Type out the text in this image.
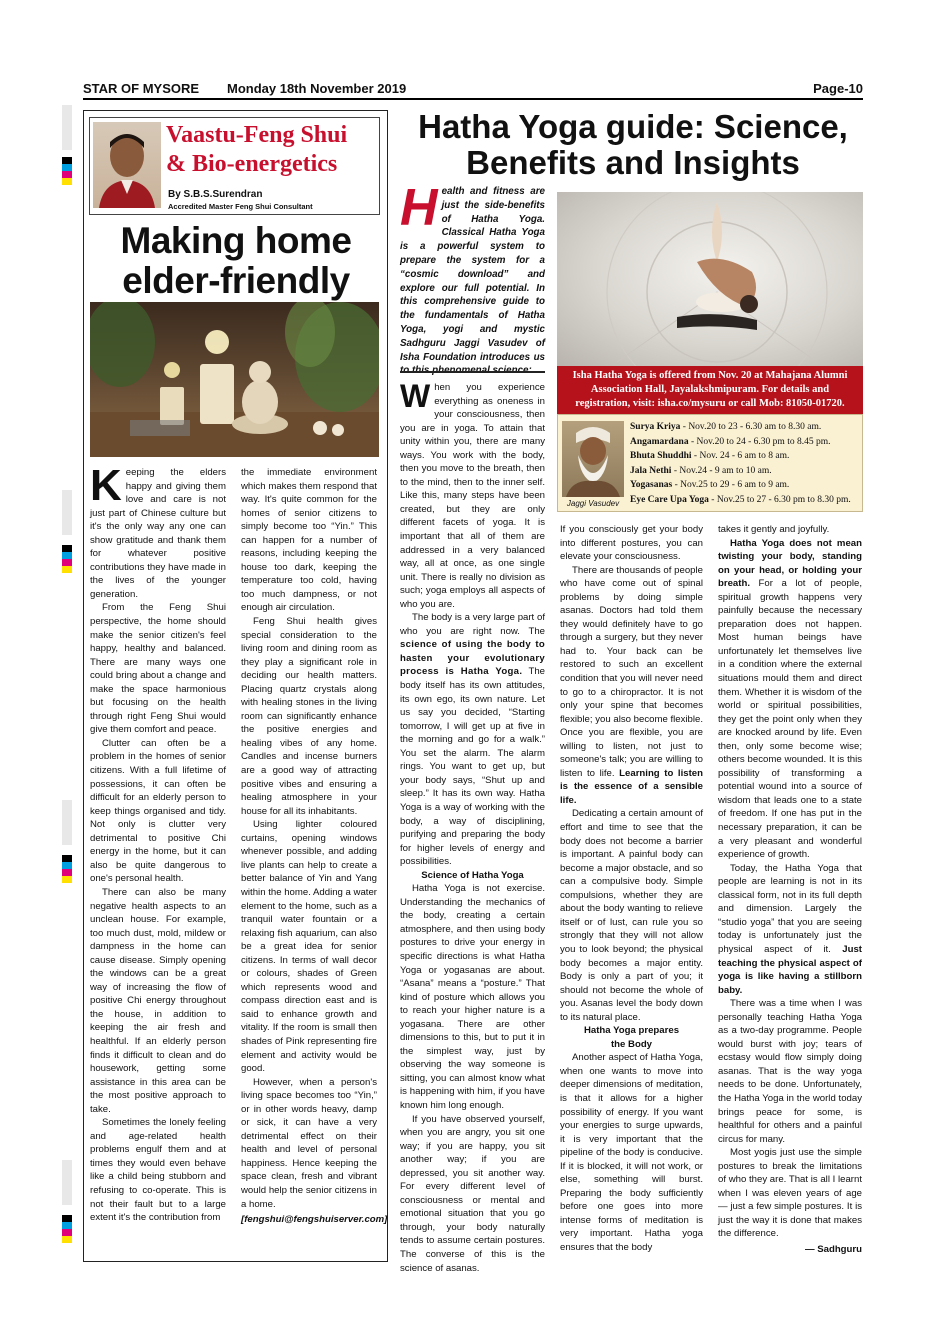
STAR OF MYSORE Monday 18th November 2019	Page-10
Vaastu-Feng Shui
& Bio-energetics
By S.B.S.Surendran
Accredited Master Feng Shui Consultant
Making home
elder-friendly

Keeping the elders happy and giving them love and care is not just part of Chinese culture but it's the only way any one can show gratitude and thank them for whatever positive contributions they have made in the lives of the younger generation.

From the Feng Shui perspective, the home should make the senior citizen's feel happy, healthy and balanced. There are many ways one could bring about a change and make the space harmonious but focusing on the health through right Feng Shui would give them comfort and peace.

Clutter can often be a problem in the homes of senior citizens. With a full lifetime of possessions, it can often be difficult for an elderly person to keep things organised and tidy. Not only is clutter very detrimental to positive Chi energy in the home, but it can also be quite dangerous to one's personal health.

There can also be many negative health aspects to an unclean house. For example, too much dust, mold, mildew or dampness in the home can cause disease. Simply opening the windows can be a great way of increasing the flow of positive Chi energy throughout the house, in addition to keeping the air fresh and healthful. If an elderly person finds it difficult to clean and do housework, getting some assistance in this area can be the most positive approach to take.

Sometimes the lonely feeling and age-related health problems engulf them and at times they would even behave like a child being stubborn and refusing to co-operate. This is not their fault but to a large extent it's the contribution from

the immediate environment which makes them respond that way. It's quite common for the homes of senior citizens to simply become too “Yin.” This can happen for a number of reasons, including keeping the house too dark, keeping the temperature too cold, having too much dampness, or not enough air circulation.

Feng Shui health gives special consideration to the living room and dining room as they play a significant role in deciding our health matters. Placing quartz crystals along with healing stones in the living room can significantly enhance the positive energies and healing vibes of any home. Candles and incense burners are a good way of attracting positive vibes and ensuring a healing atmosphere in your house for all its inhabitants.

Using lighter coloured curtains, opening windows whenever possible, and adding live plants can help to create a better balance of Yin and Yang within the home. Adding a water element to the home, such as a tranquil water fountain or a relaxing fish aquarium, can also be a great idea for senior citizens. In terms of wall decor or colours, shades of Green which represents wood and compass direction east and is said to enhance growth and vitality. If the room is small then shades of Pink representing fire element and activity would be good.

However, when a person's living space becomes too “Yin,” or in other words heavy, damp or sick, it can have a very detrimental effect on their health and level of personal happiness. Hence keeping the space clean, fresh and vibrant would help the senior citizens in a home.

[fengshui@fengshuiserver.com]

Hatha Yoga guide: Science,
Benefits and Insights

Health and fitness are just the side-benefits of Hatha Yoga. Classical Hatha Yoga is a powerful system to prepare the system for a “cosmic download” and explore our full potential. In this comprehensive guide to the fundamentals of Hatha Yoga, yogi and mystic Sadhguru Jaggi Vasudev of Isha Foundation introduces us to this phenomenal science:	Isha Hatha Yoga is offered from Nov. 20 at Mahajana Alumni Association Hall, Jayalakshmipuram. For details and registration, visit: isha.co/mysuru or call Mob: 81050-01720.
Jaggi Vasudev
Surya Kriya - Nov.20 to 23 - 6.30 am to 8.30 am.
Angamardana - Nov.20 to 24 - 6.30 pm to 8.45 pm.
Bhuta Shuddhi - Nov. 24 - 6 am to 8 am.
Jala Nethi - Nov.24 - 9 am to 10 am.
Yogasanas - Nov.25 to 29 - 6 am to 9 am.
Eye Care Upa Yoga - Nov.25 to 27 - 6.30 pm to 8.30 pm.

When you experience everything as oneness in your consciousness, then you are in yoga. To attain that unity within you, there are many ways. You work with the body, then you move to the breath, then to the mind, then to the inner self. Like this, many steps have been created, but they are only different facets of yoga. It is important that all of them are addressed in a very balanced way, all at once, as one single unit. There is really no division as such; yoga employs all aspects of who you are.

The body is a very large part of who you are right now. The science of using the body to hasten your evolutionary process is Hatha Yoga. The body itself has its own attitudes, its own ego, its own nature. Let us say you decided, “Starting tomorrow, I will get up at five in the morning and go for a walk.” You set the alarm. The alarm rings. You want to get up, but your body says, “Shut up and sleep.” It has its own way. Hatha Yoga is a way of working with the body, a way of disciplining, purifying and preparing the body for higher levels of energy and possibilities.

Science of Hatha Yoga

Hatha Yoga is not exercise. Understanding the mechanics of the body, creating a certain atmosphere, and then using body postures to drive your energy in specific directions is what Hatha Yoga or yogasanas are about. “Asana” means a “posture.” That kind of posture which allows you to reach your higher nature is a yogasana. There are other dimensions to this, but to put it in the simplest way, just by observing the way someone is sitting, you can almost know what is happening with him, if you have known him long enough.

If you have observed yourself, when you are angry, you sit one way; if you are happy, you sit another way; if you are depressed, you sit another way. For every different level of consciousness or mental and emotional situation that you go through, your body naturally tends to assume certain postures. The converse of this is the science of asanas.

If you consciously get your body into different postures, you can elevate your consciousness.

There are thousands of people who have come out of spinal problems by doing simple asanas. Doctors had told them they would definitely have to go through a surgery, but they never had to. Your back can be restored to such an excellent condition that you will never need to go to a chiropractor. It is not only your spine that becomes flexible; you also become flexible. Once you are flexible, you are willing to listen, not just to someone's talk; you are willing to listen to life. Learning to listen is the essence of a sensible life.

Dedicating a certain amount of effort and time to see that the body does not become a barrier is important. A painful body can become a major obstacle, and so can a compulsive body. Simple compulsions, whether they are about the body wanting to relieve itself or of lust, can rule you so strongly that they will not allow you to look beyond; the physical body becomes a major entity. Body is only a part of you; it should not become the whole of you. Asanas level the body down to its natural place.

Hatha Yoga prepares

the Body

Another aspect of Hatha Yoga, when one wants to move into deeper dimensions of meditation, is that it allows for a higher possibility of energy. If you want your energies to surge upwards, it is very important that the pipeline of the body is conducive. If it is blocked, it will not work, or else, something will burst. Preparing the body sufficiently before one goes into more intense forms of meditation is very important. Hatha yoga ensures that the body

takes it gently and joyfully.

Hatha Yoga does not mean twisting your body, standing on your head, or holding your breath. For a lot of people, spiritual growth happens very painfully because the necessary preparation does not happen. Most human beings have unfortunately let themselves live in a condition where the external situations mould them and direct them. Whether it is wisdom of the world or spiritual possibilities, they get the point only when they are knocked around by life. Even then, only some become wise; others become wounded. It is this possibility of transforming a potential wound into a source of wisdom that leads one to a state of freedom. If one has put in the necessary preparation, it can be a very pleasant and wonderful experience of growth.

Today, the Hatha Yoga that people are learning is not in its classical form, not in its full depth and dimension. Largely the “studio yoga” that you are seeing today is unfortunately just the physical aspect of it. Just teaching the physical aspect of yoga is like having a stillborn baby.

There was a time when I was personally teaching Hatha Yoga as a two-day programme. People would burst with joy; tears of ecstasy would flow simply doing asanas. That is the way yoga needs to be done. Unfortunately, the Hatha Yoga in the world today brings peace for some, is healthful for others and a painful circus for many.

Most yogis just use the simple postures to break the limitations of who they are. That is all I learnt when I was eleven years of age — just a few simple postures. It is just the way it is done that makes the difference.

— Sadhguru
